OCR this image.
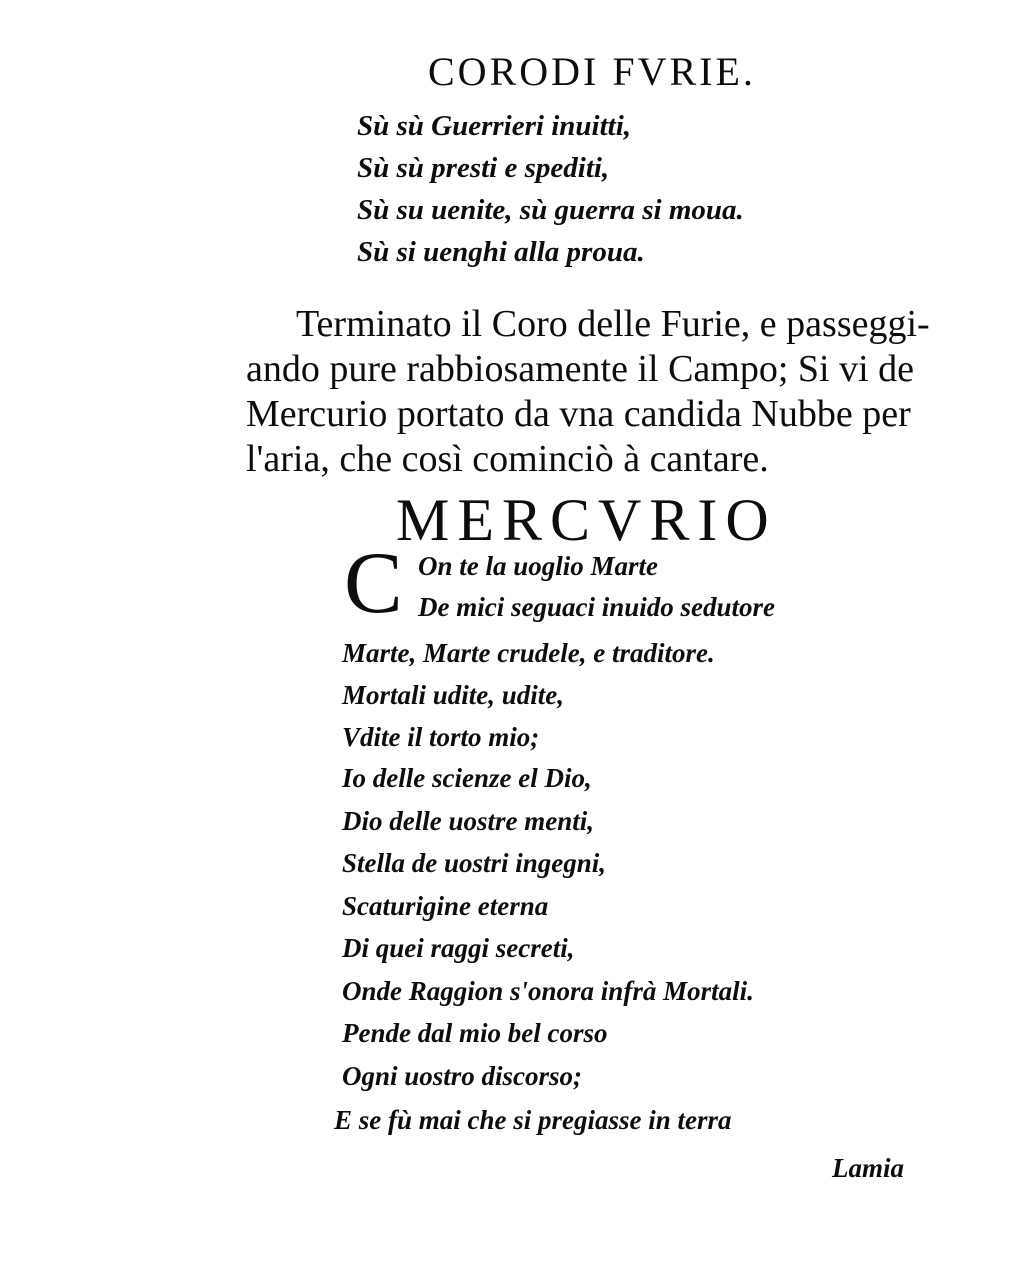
CORODI FVRIE.
Sù sù Guerrieri inuitti,
Sù sù presti e spediti,
Sù su uenite, sù guerra si moua.
Sù si uenghi alla proua.
Terminato il Coro delle Furie, e passeggi-
ando pure rabbiosamente il Campo; Si vi de
Mercurio portato da vna candida Nubbe per
l'aria, che così cominciò à cantare.
MERCVRIO
C On te la uoglio Marte
De mici seguaci inuido sedutore
Marte, Marte crudele, e traditore.
Mortali udite, udite,
Vdite il torto mio;
Io delle scienze el Dio,
Dio delle uostre menti,
Stella de uostri ingegni,
Scaturigine eterna
Di quei raggi secreti,
Onde Raggion s'onora infrà Mortali.
Pende dal mio bel corso
Ogni uostro discorso;
E se fù mai che si pregiasse in terra
Lamia
